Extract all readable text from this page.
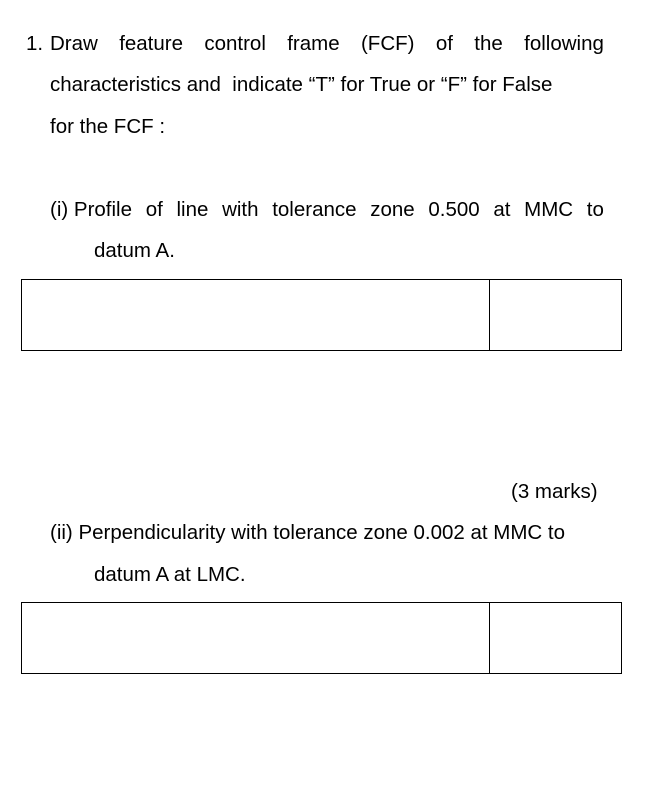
1. Draw feature control frame (FCF) of the following
characteristics and  indicate “T” for True or “F” for False
for the FCF :
(i) Profile of line with tolerance zone 0.500 at MMC to
datum A.
(3 marks)
(ii) Perpendicularity with tolerance zone 0.002 at MMC to
datum A at LMC.
